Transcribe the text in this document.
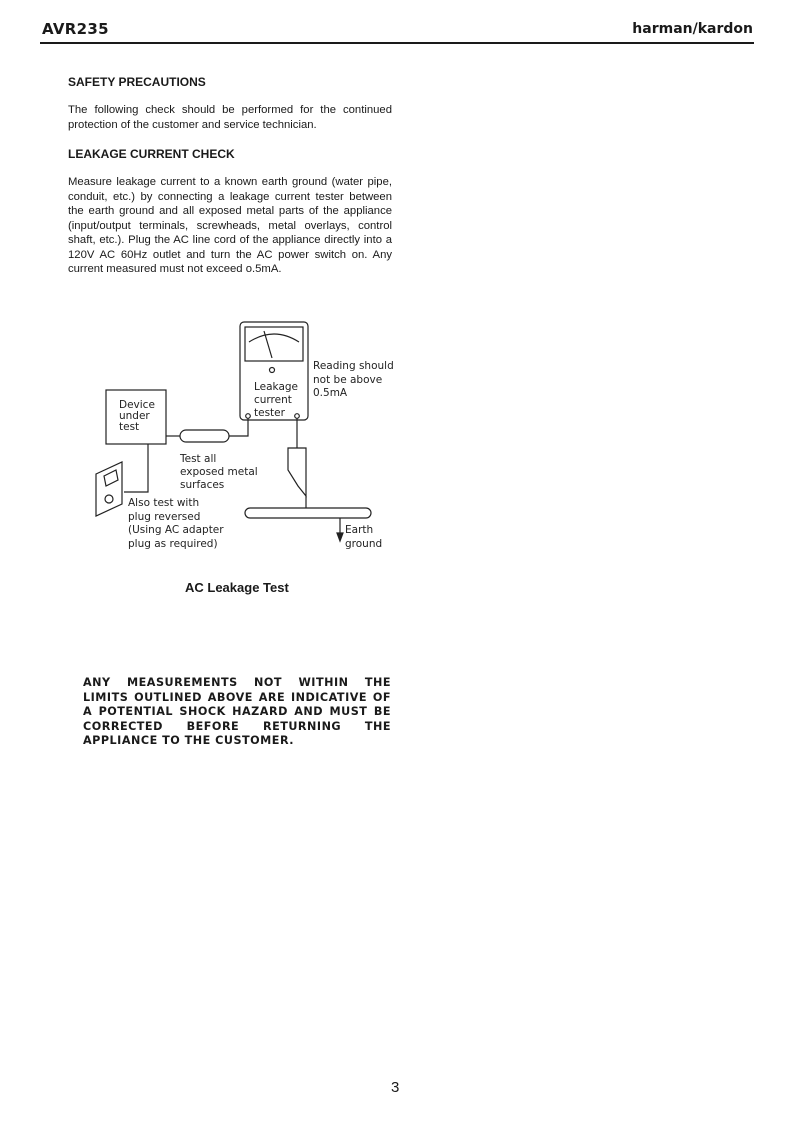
AVR235	harman/kardon
SAFETY PRECAUTIONS

The following check should be performed for the continued protection of the customer and service technician.

LEAKAGE CURRENT CHECK

Measure leakage current to a known earth ground (water pipe, conduit, etc.) by connecting a leakage current tester between the earth ground and all exposed metal parts of the appliance (input/output terminals, screwheads, metal overlays, control shaft, etc.). Plug the AC line cord of the appliance directly into a 120V AC 60Hz outlet and turn the AC power switch on. Any current measured must not exceed o.5mA.

Leakage
current
tester
Reading should
not be above
0.5mA
Device
under
test
Test all
exposed metal
surfaces
Also test with
plug reversed
(Using AC adapter
plug as required)
Earth
ground
AC Leakage Test

ANY MEASUREMENTS NOT WITHIN THE LIMITS OUTLINED ABOVE ARE INDICATIVE OF A POTENTIAL SHOCK HAZARD AND MUST BE CORRECTED BEFORE RETURNING THE APPLIANCE TO THE CUSTOMER.

3
